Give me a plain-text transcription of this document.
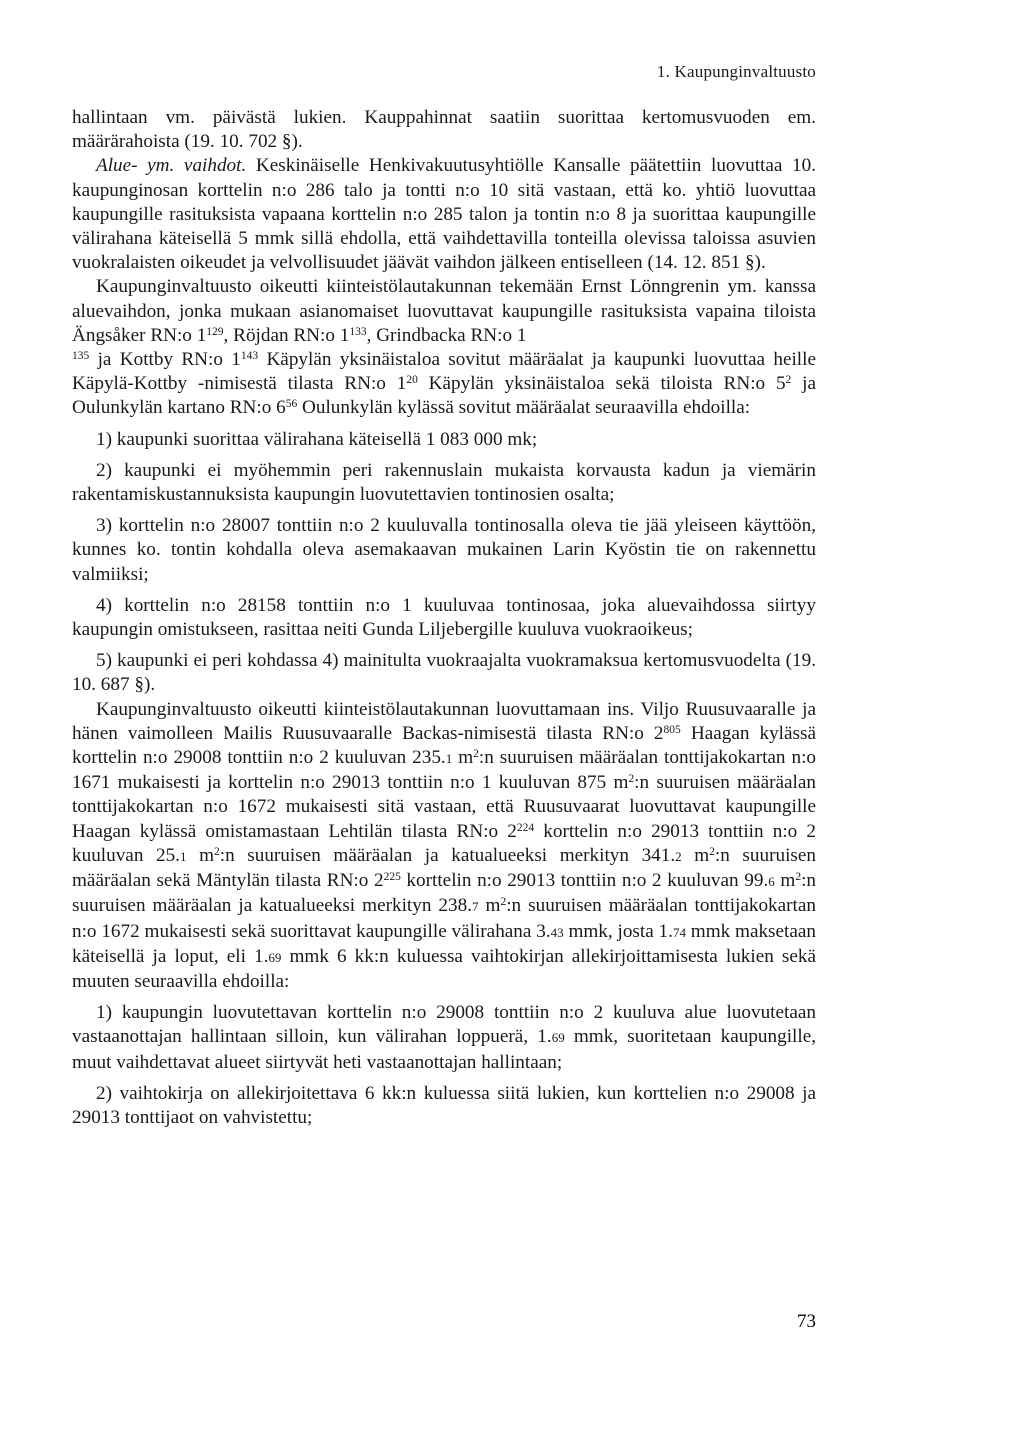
1. Kaupunginvaltuusto

hallintaan vm. päivästä lukien. Kauppahinnat saatiin suorittaa kertomusvuoden em. määrärahoista (19. 10. 702 §).

Alue- ym. vaihdot. Keskinäiselle Henkivakuutusyhtiölle Kansalle päätettiin luovuttaa 10. kaupunginosan korttelin n:o 286 talo ja tontti n:o 10 sitä vastaan, että ko. yhtiö luovuttaa kaupungille rasituksista vapaana korttelin n:o 285 talon ja tontin n:o 8 ja suorittaa kaupungille välirahana käteisellä 5 mmk sillä ehdolla, että vaihdettavilla tonteilla olevissa taloissa asuvien vuokralaisten oikeudet ja velvollisuudet jäävät vaihdon jälkeen entiselleen (14. 12. 851 §).

Kaupunginvaltuusto oikeutti kiinteistölautakunnan tekemään Ernst Lönngrenin ym. kanssa aluevaihdon, jonka mukaan asianomaiset luovuttavat kaupungille rasituksista vapaina tiloista Ängsåker RN:o $1^{129}$, Röjdan RN:o $1^{133}$, Grindbacka RN:o 1
$^{135}$ ja Kottby RN:o $1^{143}$ Käpylän yksinäistaloa sovitut määräalat ja kaupunki luovuttaa heille Käpylä-Kottby -nimisestä tilasta RN:o $1^{20}$ Käpylän yksinäistaloa sekä tiloista RN:o $5^2$ ja Oulunkylän kartano RN:o $6^{56}$ Oulunkylän kylässä sovitut määräalat seuraavilla ehdoilla:

1) kaupunki suorittaa välirahana käteisellä 1 083 000 mk;

2) kaupunki ei myöhemmin peri rakennuslain mukaista korvausta kadun ja viemärin rakentamiskustannuksista kaupungin luovutettavien tontinosien osalta;

3) korttelin n:o 28007 tonttiin n:o 2 kuuluvalla tontinosalla oleva tie jää yleiseen käyttöön, kunnes ko. tontin kohdalla oleva asemakaavan mukainen Larin Kyöstin tie on rakennettu valmiiksi;

4) korttelin n:o 28158 tonttiin n:o 1 kuuluvaa tontinosaa, joka aluevaihdossa siirtyy kaupungin omistukseen, rasittaa neiti Gunda Liljebergille kuuluva vuokraoikeus;

5) kaupunki ei peri kohdassa 4) mainitulta vuokraajalta vuokramaksua kertomusvuodelta (19. 10. 687 §).

Kaupunginvaltuusto oikeutti kiinteistölautakunnan luovuttamaan ins. Viljo Ruusuvaaralle ja hänen vaimolleen Mailis Ruusuvaaralle Backas-nimisestä tilasta RN:o $2^{805}$ Haagan kylässä korttelin n:o 29008 tonttiin n:o 2 kuuluvan 235.1 $m^2:n$ suuruisen määräalan tonttijakokartan n:o 1671 mukaisesti ja korttelin n:o 29013 tonttiin n:o 1 kuuluvan 875 $m^2:n$ suuruisen määräalan tonttijakokartan n:o 1672 mukaisesti sitä vastaan, että Ruusuvaarat luovuttavat kaupungille Haagan kylässä omistamastaan Lehtilän tilasta RN:o $2^{224}$ korttelin n:o 29013 tonttiin n:o 2 kuuluvan 25.1 $m^2:n$ suuruisen määräalan ja katualueeksi merkityn 341.2 $m^2:n$ suuruisen määräalan sekä Mäntylän tilasta RN:o $2^{225}$ korttelin n:o 29013 tonttiin n:o 2 kuuluvan 99.6 $m^2:n$ suuruisen määräalan ja katualueeksi merkityn 238.7 $m^2:n$ suuruisen määräalan tonttijakokartan n:o 1672 mukaisesti sekä suorittavat kaupungille välirahana 3.43 mmk, josta 1.74 mmk maksetaan käteisellä ja loput, eli 1.69 mmk 6 kk:n kuluessa vaihtokirjan allekirjoittamisesta lukien sekä muuten seuraavilla ehdoilla:

1) kaupungin luovutettavan korttelin n:o 29008 tonttiin n:o 2 kuuluva alue luovutetaan vastaanottajan hallintaan silloin, kun välirahan loppuerä, 1.69 mmk, suoritetaan kaupungille, muut vaihdettavat alueet siirtyvät heti vastaanottajan hallintaan;

2) vaihtokirja on allekirjoitettava 6 kk:n kuluessa siitä lukien, kun korttelien n:o 29008 ja 29013 tonttijaot on vahvistettu;

73
